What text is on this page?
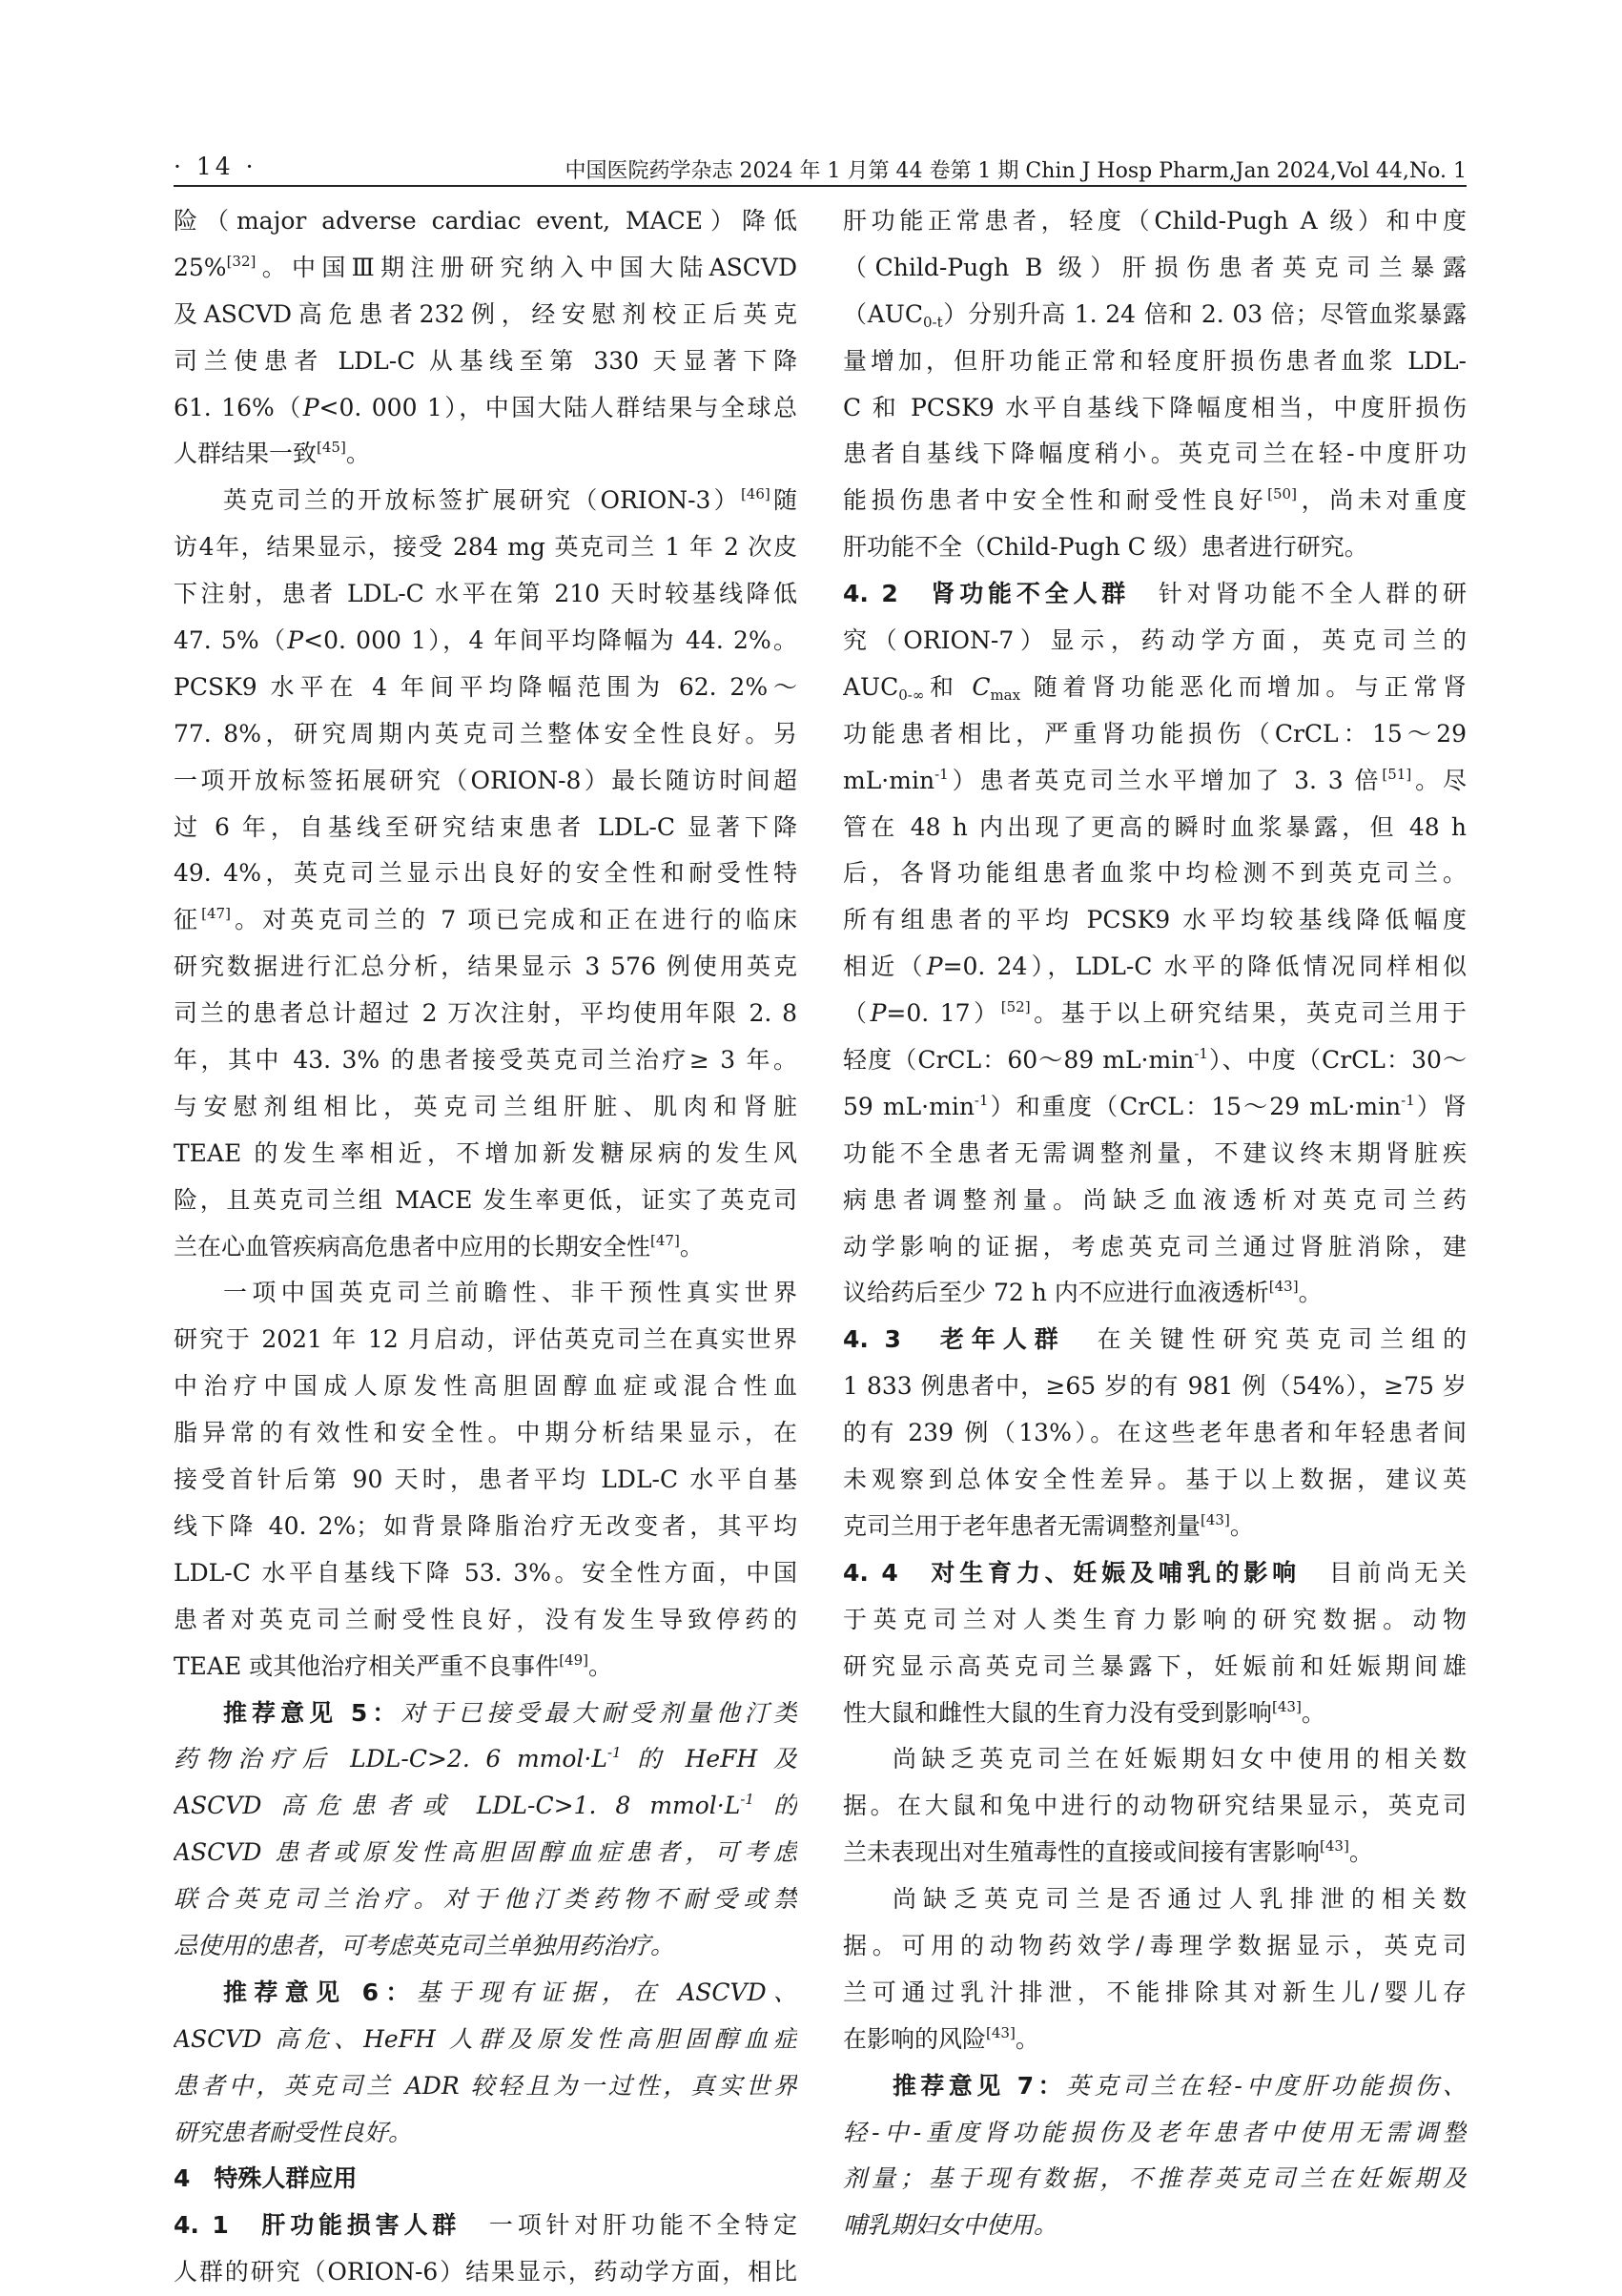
· 14 ·	中国医院药学杂志 2024 年 1 月第 44 卷第 1 期 Chin J Hosp Pharm,Jan 2024,Vol 44,No. 1
险（major adverse cardiac event, MACE）降低
25%[32]。中国Ⅲ期注册研究纳入中国大陆ASCVD
及ASCVD高危患者232例，经安慰剂校正后英克
司兰使患者 LDL-C 从基线至第 330 天显著下降
61. 16%（P<0. 000 1），中国大陆人群结果与全球总
人群结果一致[45]。
英克司兰的开放标签扩展研究（ORION-3）[46]随
访4年，结果显示，接受 284 mg 英克司兰 1 年 2 次皮
下注射，患者 LDL-C 水平在第 210 天时较基线降低
47. 5%（P<0. 000 1），4 年间平均降幅为 44. 2%。
PCSK9 水平在 4 年间平均降幅范围为 62. 2%～
77. 8%，研究周期内英克司兰整体安全性良好。另
一项开放标签拓展研究（ORION-8）最长随访时间超
过 6 年，自基线至研究结束患者 LDL-C 显著下降
49. 4%，英克司兰显示出良好的安全性和耐受性特
征[47]。对英克司兰的 7 项已完成和正在进行的临床
研究数据进行汇总分析，结果显示 3 576 例使用英克
司兰的患者总计超过 2 万次注射，平均使用年限 2. 8
年，其中 43. 3% 的患者接受英克司兰治疗≥ 3 年。
与安慰剂组相比，英克司兰组肝脏、肌肉和肾脏
TEAE 的发生率相近，不增加新发糖尿病的发生风
险，且英克司兰组 MACE 发生率更低，证实了英克司
兰在心血管疾病高危患者中应用的长期安全性[47]。
一项中国英克司兰前瞻性、非干预性真实世界
研究于 2021 年 12 月启动，评估英克司兰在真实世界
中治疗中国成人原发性高胆固醇血症或混合性血
脂异常的有效性和安全性。中期分析结果显示，在
接受首针后第 90 天时，患者平均 LDL-C 水平自基
线下降 40. 2%；如背景降脂治疗无改变者，其平均
LDL-C 水平自基线下降 53. 3%。安全性方面，中国
患者对英克司兰耐受性良好，没有发生导致停药的
TEAE 或其他治疗相关严重不良事件[49]。
推荐意见 5：对于已接受最大耐受剂量他汀类
药物治疗后 LDL-C>2. 6 $mmol\cdot L^{-1}$ 的 HeFH 及
ASCVD 高危患者或 LDL-C>1. 8 $mmol\cdot L^{-1}$ 的
ASCVD 患者或原发性高胆固醇血症患者，可考虑
联合英克司兰治疗。对于他汀类药物不耐受或禁
忌使用的患者，可考虑英克司兰单独用药治疗。
推荐意见 6：基于现有证据，在 ASCVD、
ASCVD 高危、HeFH 人群及原发性高胆固醇血症
患者中，英克司兰 ADR 较轻且为一过性，真实世界
研究患者耐受性良好。
4　特殊人群应用
4. 1　肝功能损害人群　一项针对肝功能不全特定
人群的研究（ORION-6）结果显示，药动学方面，相比
肝功能正常患者，轻度（Child-Pugh A 级）和中度
（Child-Pugh B 级）肝损伤患者英克司兰暴露
$(AUC_{0-t})$分别升高 1. 24 倍和 2. 03 倍；尽管血浆暴露
量增加，但肝功能正常和轻度肝损伤患者血浆 LDL-
C 和 PCSK9 水平自基线下降幅度相当，中度肝损伤
患者自基线下降幅度稍小。英克司兰在轻-中度肝功
能损伤患者中安全性和耐受性良好[50]，尚未对重度
肝功能不全（Child-Pugh C 级）患者进行研究。
4. 2　肾功能不全人群　针对肾功能不全人群的研
究（ORION-7）显示，药动学方面，英克司兰的
$AUC_{0-\infty}$和 $C_{max}$ 随着肾功能恶化而增加。与正常肾
功能患者相比，严重肾功能损伤（CrCL：15～29
$mL\cdot\min^{-1}$）患者英克司兰水平增加了 3. 3 倍[51]。尽
管在 48 h 内出现了更高的瞬时血浆暴露，但 48 h
后，各肾功能组患者血浆中均检测不到英克司兰。
所有组患者的平均 PCSK9 水平均较基线降低幅度
相近（P=0. 24），LDL-C 水平的降低情况同样相似
（P=0. 17）[52]。基于以上研究结果，英克司兰用于
轻度（CrCL：60～89 $mL\cdot\min^{-1}$）、中度（CrCL：30～
59 $mL\cdot\min^{-1}$）和重度（CrCL：15～29 $mL\cdot\min^{-1}$）肾
功能不全患者无需调整剂量，不建议终末期肾脏疾
病患者调整剂量。尚缺乏血液透析对英克司兰药
动学影响的证据，考虑英克司兰通过肾脏消除，建
议给药后至少 72 h 内不应进行血液透析[43]。
4. 3　老年人群　在关键性研究英克司兰组的
1 833 例患者中，≥65 岁的有 981 例（54%），≥75 岁
的有 239 例（13%）。在这些老年患者和年轻患者间
未观察到总体安全性差异。基于以上数据，建议英
克司兰用于老年患者无需调整剂量[43]。
4. 4　对生育力、妊娠及哺乳的影响　目前尚无关
于英克司兰对人类生育力影响的研究数据。动物
研究显示高英克司兰暴露下，妊娠前和妊娠期间雄
性大鼠和雌性大鼠的生育力没有受到影响[43]。
尚缺乏英克司兰在妊娠期妇女中使用的相关数
据。在大鼠和兔中进行的动物研究结果显示，英克司
兰未表现出对生殖毒性的直接或间接有害影响[43]。
尚缺乏英克司兰是否通过人乳排泄的相关数
据。可用的动物药效学/毒理学数据显示，英克司
兰可通过乳汁排泄，不能排除其对新生儿/婴儿存
在影响的风险[43]。
推荐意见 7：英克司兰在轻-中度肝功能损伤、
轻-中-重度肾功能损伤及老年患者中使用无需调整
剂量；基于现有数据，不推荐英克司兰在妊娠期及
哺乳期妇女中使用。
